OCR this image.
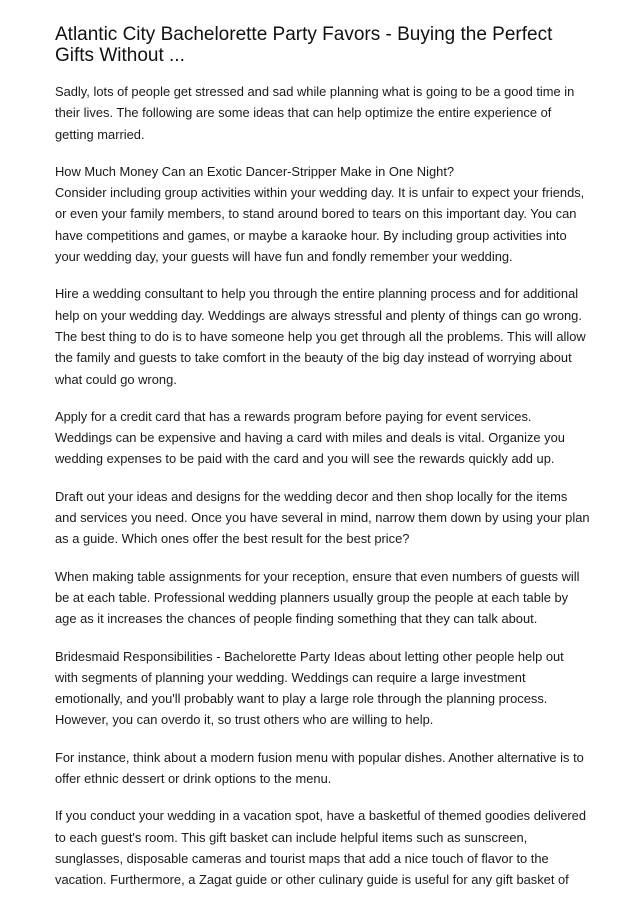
Atlantic City Bachelorette Party Favors - Buying the Perfect Gifts Without ...

Sadly, lots of people get stressed and sad while planning what is going to be a good time in their lives. The following are some ideas that can help optimize the entire experience of getting married.

How Much Money Can an Exotic Dancer-Stripper Make in One Night?
Consider including group activities within your wedding day. It is unfair to expect your friends, or even your family members, to stand around bored to tears on this important day. You can have competitions and games, or maybe a karaoke hour. By including group activities into your wedding day, your guests will have fun and fondly remember your wedding.

Hire a wedding consultant to help you through the entire planning process and for additional help on your wedding day. Weddings are always stressful and plenty of things can go wrong. The best thing to do is to have someone help you get through all the problems. This will allow the family and guests to take comfort in the beauty of the big day instead of worrying about what could go wrong.

Apply for a credit card that has a rewards program before paying for event services. Weddings can be expensive and having a card with miles and deals is vital. Organize you wedding expenses to be paid with the card and you will see the rewards quickly add up.

Draft out your ideas and designs for the wedding decor and then shop locally for the items and services you need. Once you have several in mind, narrow them down by using your plan as a guide. Which ones offer the best result for the best price?

When making table assignments for your reception, ensure that even numbers of guests will be at each table. Professional wedding planners usually group the people at each table by age as it increases the chances of people finding something that they can talk about.

Bridesmaid Responsibilities - Bachelorette Party Ideas about letting other people help out with segments of planning your wedding. Weddings can require a large investment emotionally, and you'll probably want to play a large role through the planning process. However, you can overdo it, so trust others who are willing to help.

For instance, think about a modern fusion menu with popular dishes. Another alternative is to offer ethnic dessert or drink options to the menu.

If you conduct your wedding in a vacation spot, have a basketful of themed goodies delivered to each guest's room. This gift basket can include helpful items such as sunscreen, sunglasses, disposable cameras and tourist maps that add a nice touch of flavor to the vacation. Furthermore, a Zagat guide or other culinary guide is useful for any gift basket of
